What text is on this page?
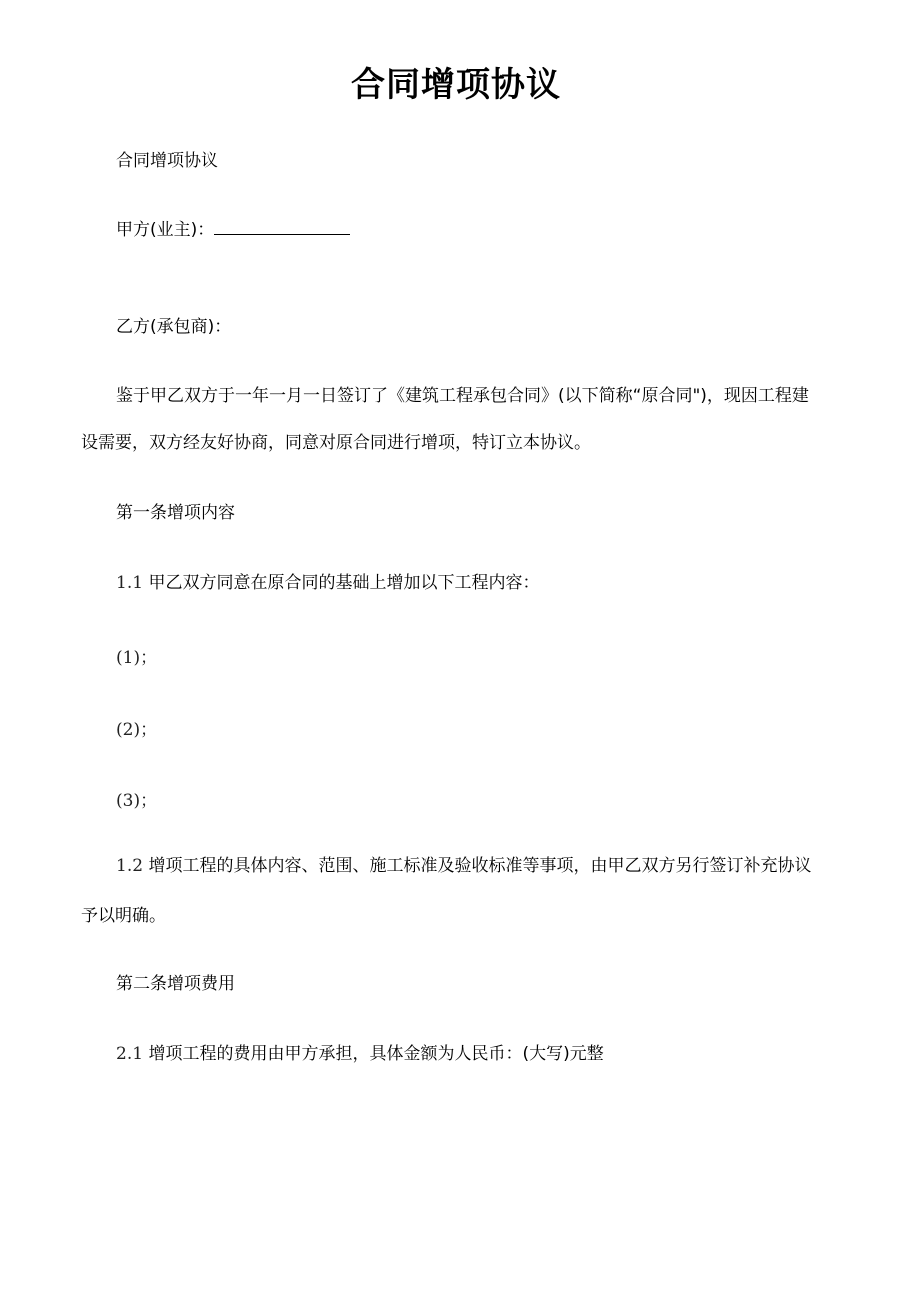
合同增项协议
合同增项协议
甲方(业主)：
乙方(承包商)：
鉴于甲乙双方于一年一月一日签订了《建筑工程承包合同》(以下简称“原合同")，现因工程建
设需要，双方经友好协商，同意对原合同进行增项，特订立本协议。
第一条增项内容
1.1 甲乙双方同意在原合同的基础上增加以下工程内容：
(1)；
(2)；
(3)；
1.2 增项工程的具体内容、范围、施工标准及验收标准等事项，由甲乙双方另行签订补充协议
予以明确。
第二条增项费用
2.1 增项工程的费用由甲方承担，具体金额为人民币：(大写)元整
